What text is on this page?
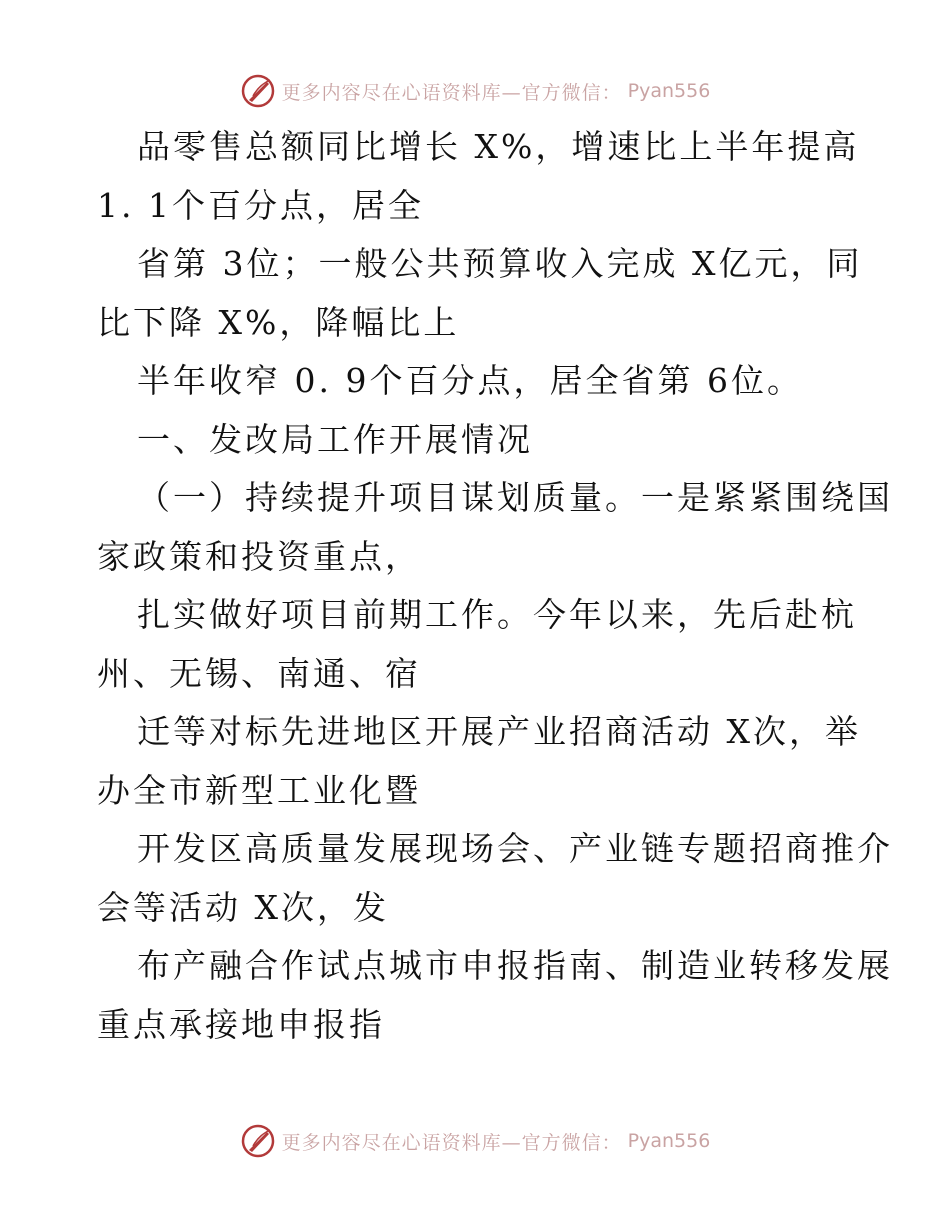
更多内容尽在心语资料库—官方微信： Pyan556
品零售总额同比增长 X%，增速比上半年提高
1. 1个百分点，居全
省第 3位；一般公共预算收入完成 X亿元，同
比下降 X%，降幅比上
半年收窄 0. 9个百分点，居全省第 6位。
一、发改局工作开展情况
（一）持续提升项目谋划质量。一是紧紧围绕国
家政策和投资重点，
扎实做好项目前期工作。今年以来，先后赴杭
州、无锡、南通、宿
迁等对标先进地区开展产业招商活动 X次，举
办全市新型工业化暨
开发区高质量发展现场会、产业链专题招商推介
会等活动 X次，发
布产融合作试点城市申报指南、制造业转移发展
重点承接地申报指
更多内容尽在心语资料库—官方微信： Pyan556
